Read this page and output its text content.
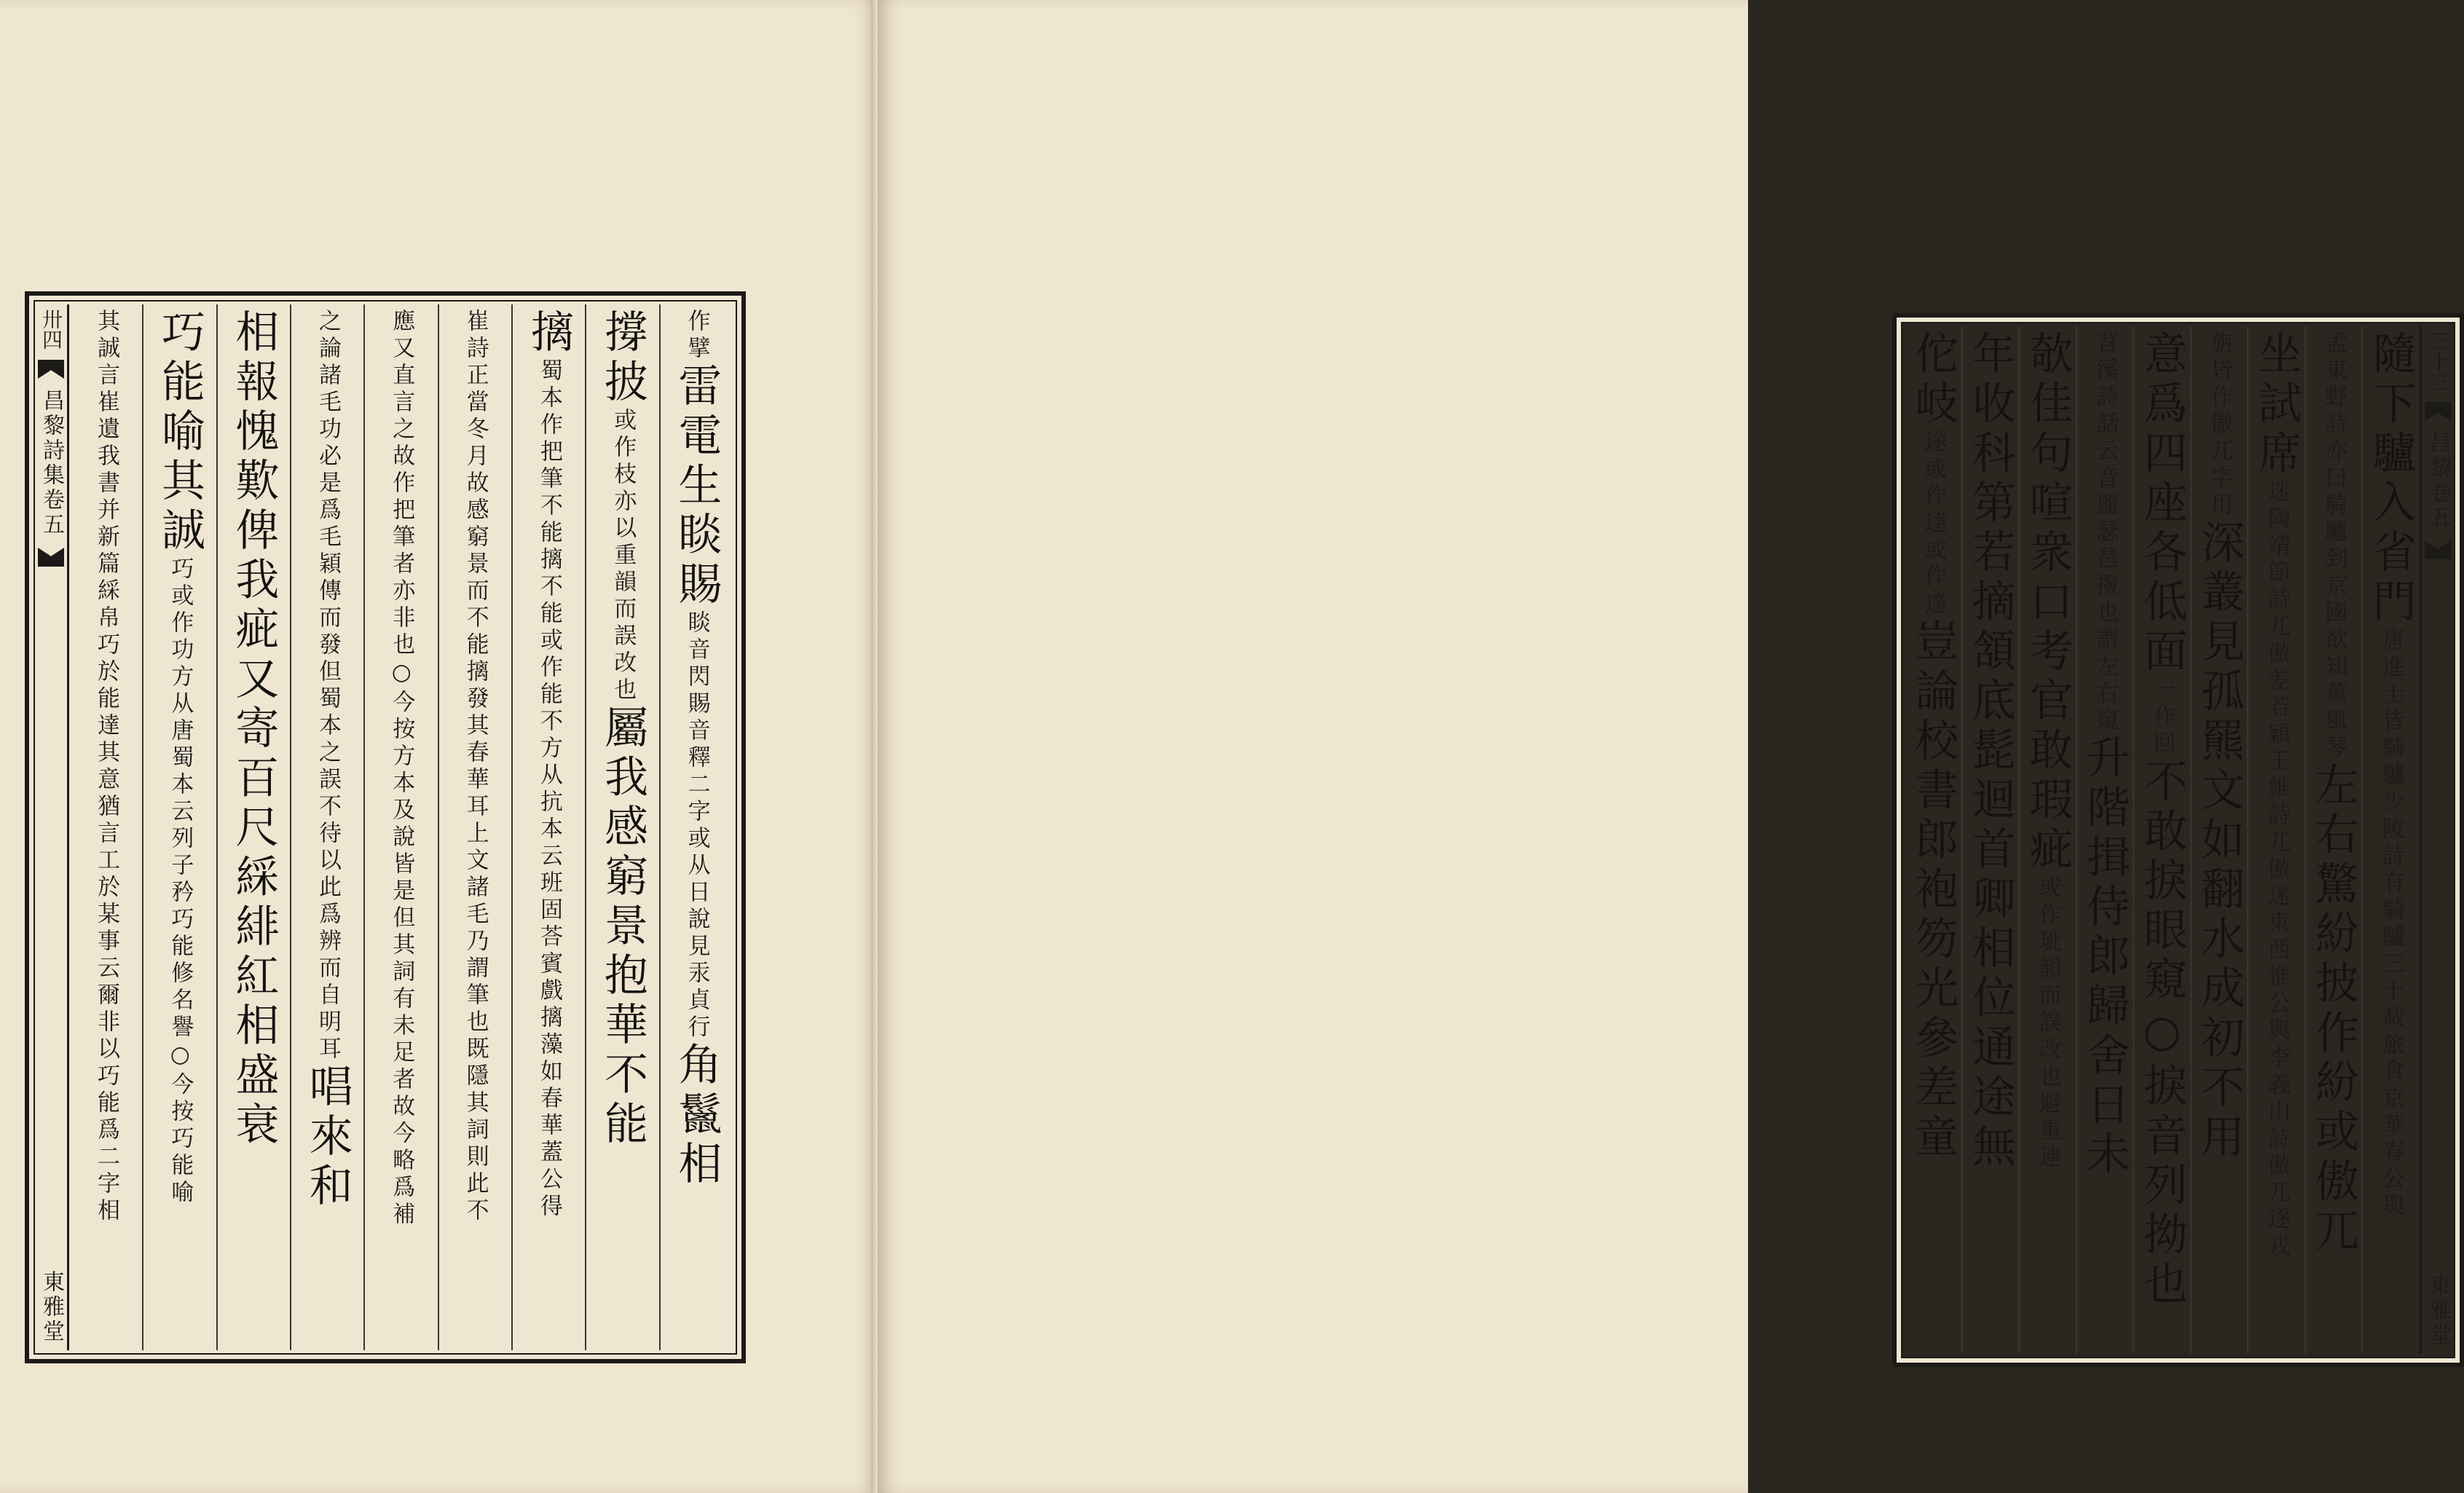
卅四
昌黎詩集卷五
東雅堂
作擘
雷電生睒賜
睒音閃賜音釋二字或从日說見汞貞行
角鬣相
撐披
或作枝亦以重韻而誤改也
屬我感窮景抱華不能
摛
蜀本作把筆不能摛不能或作能不方从抗本云班固荅賓戲摛藻如春華蓋公得
崔詩正當冬月故感窮景而不能摛發其春華耳上文諸毛乃謂筆也既隱其詞則此不
應又直言之故作把筆者亦非也○今按方本及說皆是但其詞有未足者故今略爲補
之論諸毛功必是爲毛穎傳而發但蜀本之誤不待以此爲辨而自明耳
唱來和
相報愧歎俾我疵又寄百尺綵緋紅相盛衰
巧能喻其誠
巧或作功方从唐蜀本云列子矜巧能修名譽○今按巧能喻
其誠言崔遺我書并新篇綵帛巧於能達其意猶言工於某事云爾非以巧能爲二字相	三十三
昌黎卷五
東雅堂
隨下驢入省門
唐進士皆騎驢少陵詩有騎驢三十載旅食京華春公與
孟東野詩亦曰騎驢到京國欲知薰風琴
左右驚紛披作紛或傲兀
坐試席
迷陶靖節詩兀傲差若穎王維詩兀傲迷東西惟公與李義山詩傲兀逐戎
旃皆作傲兀字用
深叢見孤羆文如翻水成初不用
意爲四座各低面
一作回
不敢捩眼窺○捩音列拗也
苕溪詩話云音麗瑟琶撥也謂左右窺
升階揖侍郎歸舍日未
欹佳句喧衆口考官敢瑕疵
或作玼韻而誤改也避重連
年收科第若摘頷底髭迴首卿相位通途無
佗岐
途或作逵或作達
豈論校書郎袍笏光參差童
